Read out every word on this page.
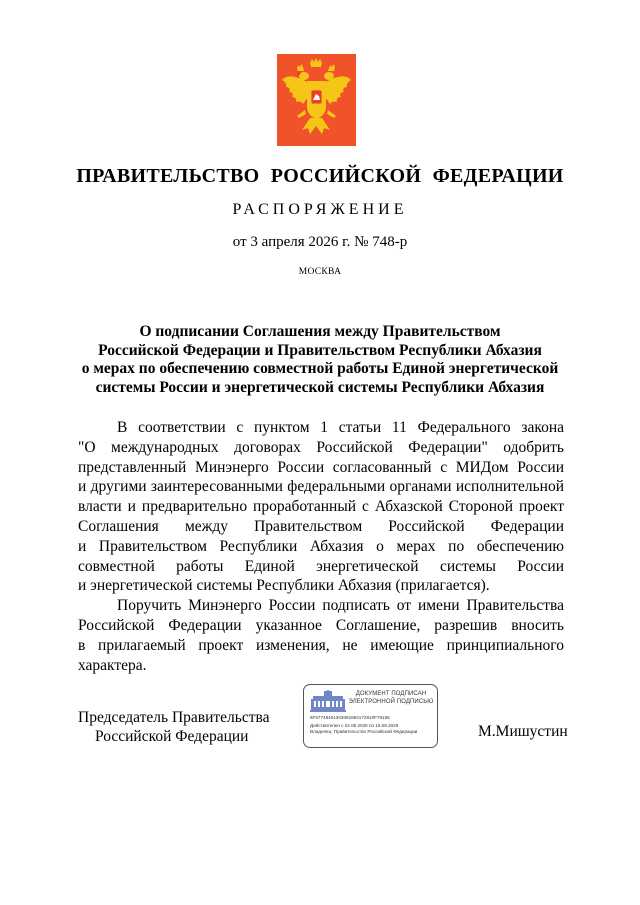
ПРАВИТЕЛЬСТВО РОССИЙСКОЙ ФЕДЕРАЦИИ
РАСПОРЯЖЕНИЕ
от 3 апреля 2026 г. № 748-р
МОСКВА
О подписании Соглашения между Правительством
Российской Федерации и Правительством Республики Абхазия
о мерах по обеспечению совместной работы Единой энергетической
системы России и энергетической системы Республики Абхазия
В соответствии с пунктом 1 статьи 11 Федерального закона
"О международных договорах Российской Федерации" одобрить
представленный Минэнерго России согласованный с МИДом России
и другими заинтересованными федеральными органами исполнительной
власти и предварительно проработанный с Абхазской Стороной проект
Соглашения между Правительством Российской Федерации
и Правительством Республики Абхазия о мерах по обеспечению
совместной работы Единой энергетической системы России
и энергетической системы Республики Абхазия (прилагается).
Поручить Минэнерго России подписать от имени Правительства
Российской Федерации указанное Соглашение, разрешив вносить
в прилагаемый проект изменения, не имеющие принципиального
характера.
Председатель Правительства
Российской Федерации
ДОКУМЕНТ ПОДПИСАН
ЭЛЕКТРОННОЙ ПОДПИСЬЮ
6F67748401303081884172810F79155
Действителен с 22.05.2025 по 15.08.2026
Владелец: Правительство Российской Федерации	М.Мишустин
